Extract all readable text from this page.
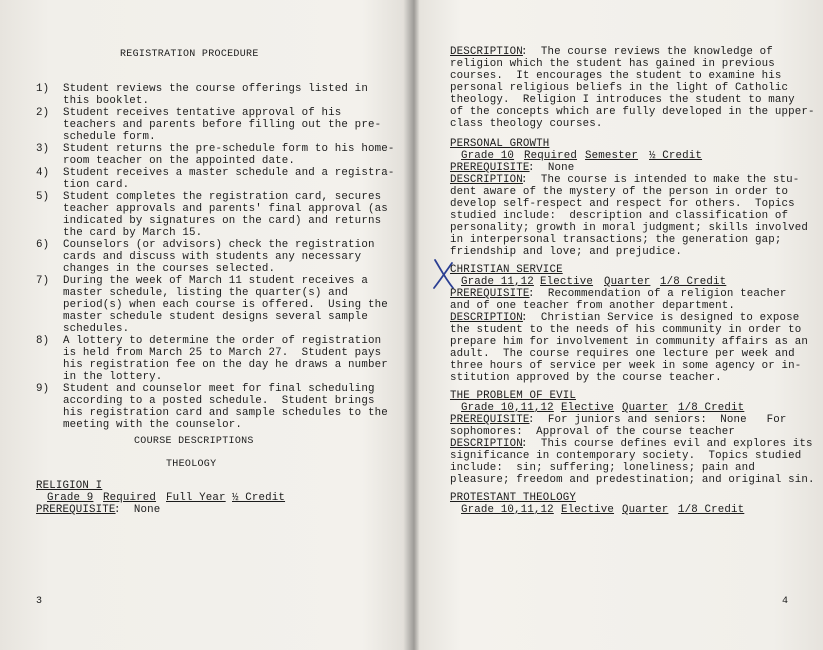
REGISTRATION PROCEDURE
1) Student reviews the course offerings listed in
this booklet.
2) Student receives tentative approval of his
teachers and parents before filling out the pre-
schedule form.
3) Student returns the pre-schedule form to his home-
room teacher on the appointed date.
4) Student receives a master schedule and a registra-
tion card.
5) Student completes the registration card, secures
teacher approvals and parents' final approval (as
indicated by signatures on the card) and returns
the card by March 15.
6) Counselors (or advisors) check the registration
cards and discuss with students any necessary
changes in the courses selected.
7) During the week of March 11 student receives a
master schedule, listing the quarter(s) and
period(s) when each course is offered.  Using the
master schedule student designs several sample
schedules.
8) A lottery to determine the order of registration
is held from March 25 to March 27.  Student pays
his registration fee on the day he draws a number
in the lottery.
9) Student and counselor meet for final scheduling
according to a posted schedule.  Student brings
his registration card and sample schedules to the
meeting with the counselor.
COURSE DESCRIPTIONS
THEOLOGY
RELIGION I
Grade 9 Required Full Year ½ Credit
PREREQUISITE
:  None
3
DESCRIPTION
:  The course reviews the knowledge of
religion which the student has gained in previous
courses.  It encourages the student to examine his
personal religious beliefs in the light of Catholic
theology.  Religion I introduces the student to many
of the concepts which are fully developed in the upper-
class theology courses.
PERSONAL GROWTH
Grade 10 Required Semester ½ Credit
PREREQUISITE
:  None
DESCRIPTION
:  The course is intended to make the stu-
dent aware of the mystery of the person in order to
develop self-respect and respect for others.  Topics
studied include:  description and classification of
personality; growth in moral judgment; skills involved
in interpersonal transactions; the generation gap;
friendship and love; and prejudice.
CHRISTIAN SERVICE
Grade 11,12 Elective Quarter 1/8 Credit
PREREQUISITE
:  Recommendation of a religion teacher
and of one teacher from another department.
DESCRIPTION
:  Christian Service is designed to expose
the student to the needs of his community in order to
prepare him for involvement in community affairs as an
adult.  The course requires one lecture per week and
three hours of service per week in some agency or in-
stitution approved by the course teacher.
THE PROBLEM OF EVIL
Grade 10,11,12 Elective Quarter 1/8 Credit
PREREQUISITE
:  For juniors and seniors:  None   For
sophomores:  Approval of the course teacher
DESCRIPTION
:  This course defines evil and explores its
significance in contemporary society.  Topics studied
include:  sin; suffering; loneliness; pain and
pleasure; freedom and predestination; and original sin.
PROTESTANT THEOLOGY
Grade 10,11,12 Elective Quarter 1/8 Credit
4
